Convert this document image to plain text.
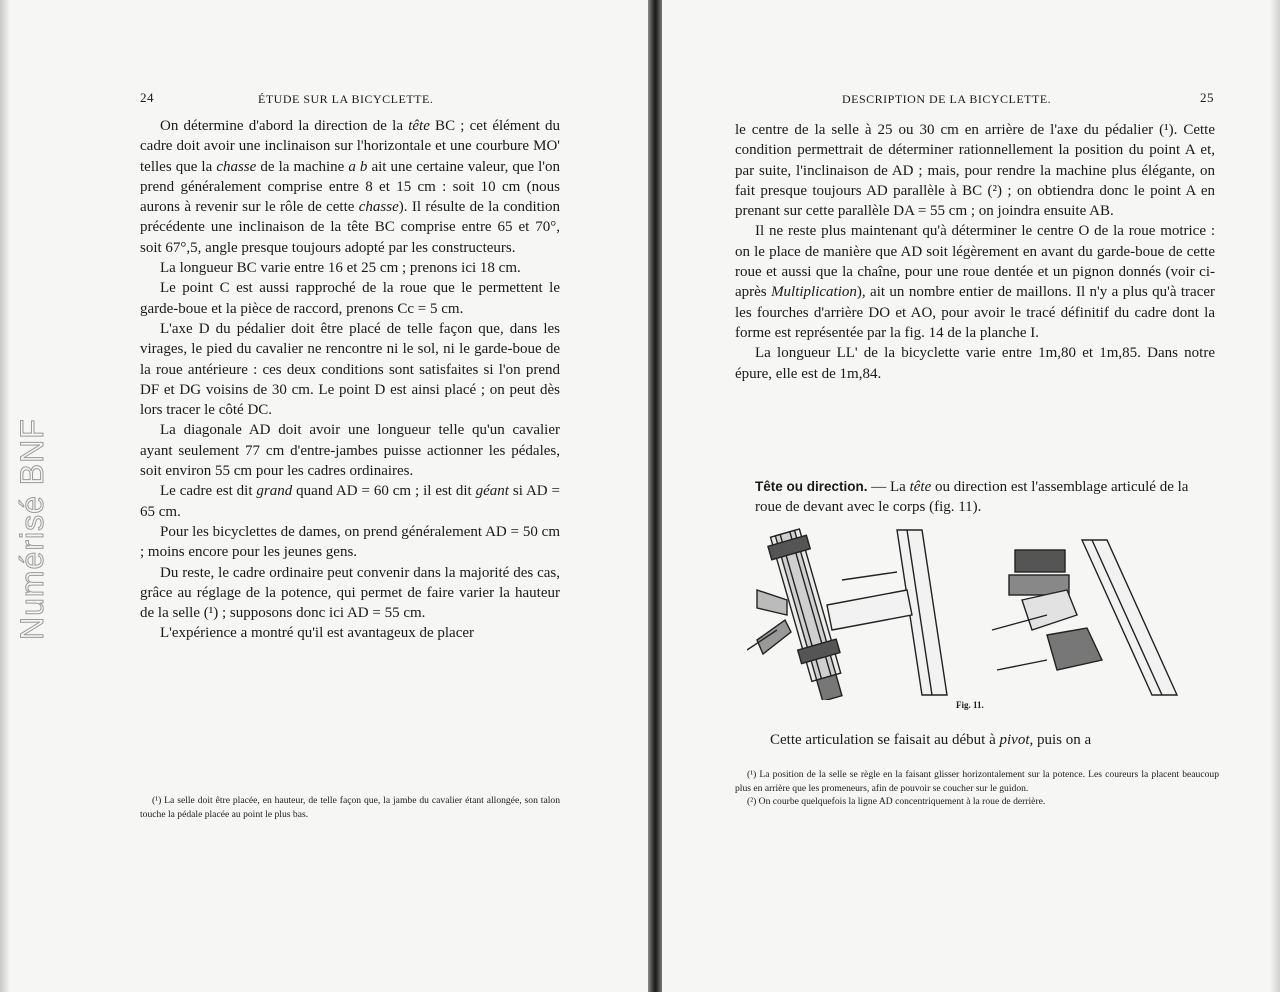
Numérisé BNF
24	ÉTUDE SUR LA BICYCLETTE.

On détermine d'abord la direction de la tête BC ; cet élément du cadre doit avoir une inclinaison sur l'horizontale et une courbure MO' telles que la chasse de la machine a b ait une certaine valeur, que l'on prend généralement comprise entre 8 et 15 cm : soit 10 cm (nous aurons à revenir sur le rôle de cette chasse). Il résulte de la condition précédente une inclinaison de la tête BC comprise entre 65 et 70°, soit 67°,5, angle presque toujours adopté par les constructeurs.

La longueur BC varie entre 16 et 25 cm ; prenons ici 18 cm.

Le point C est aussi rapproché de la roue que le permettent le garde-boue et la pièce de raccord, prenons Cc = 5 cm.

L'axe D du pédalier doit être placé de telle façon que, dans les virages, le pied du cavalier ne rencontre ni le sol, ni le garde-boue de la roue antérieure : ces deux conditions sont satisfaites si l'on prend DF et DG voisins de 30 cm. Le point D est ainsi placé ; on peut dès lors tracer le côté DC.

La diagonale AD doit avoir une longueur telle qu'un cavalier ayant seulement 77 cm d'entre-jambes puisse actionner les pédales, soit environ 55 cm pour les cadres ordinaires.

Le cadre est dit grand quand AD = 60 cm ; il est dit géant si AD = 65 cm.

Pour les bicyclettes de dames, on prend généralement AD = 50 cm ; moins encore pour les jeunes gens.

Du reste, le cadre ordinaire peut convenir dans la majorité des cas, grâce au réglage de la potence, qui permet de faire varier la hauteur de la selle (¹) ; supposons donc ici AD = 55 cm.

L'expérience a montré qu'il est avantageux de placer

(¹) La selle doit être placée, en hauteur, de telle façon que, la jambe du cavalier étant allongée, son talon touche la pédale placée au point le plus bas.

DESCRIPTION DE LA BICYCLETTE.	25

le centre de la selle à 25 ou 30 cm en arrière de l'axe du pédalier (¹). Cette condition permettrait de déterminer rationnellement la position du point A et, par suite, l'inclinaison de AD ; mais, pour rendre la machine plus élégante, on fait presque toujours AD parallèle à BC (²) ; on obtiendra donc le point A en prenant sur cette parallèle DA = 55 cm ; on joindra ensuite AB.

Il ne reste plus maintenant qu'à déterminer le centre O de la roue motrice : on le place de manière que AD soit légèrement en avant du garde-boue de cette roue et aussi que la chaîne, pour une roue dentée et un pignon donnés (voir ci-après Multiplication), ait un nombre entier de maillons. Il n'y a plus qu'à tracer les fourches d'arrière DO et AO, pour avoir le tracé définitif du cadre dont la forme est représentée par la fig. 14 de la planche I.

La longueur LL' de la bicyclette varie entre 1m,80 et 1m,85. Dans notre épure, elle est de 1m,84.

Tête ou direction. — La tête ou direction est l'assemblage articulé de la roue de devant avec le corps (fig. 11).
Fig. 11.
Cette articulation se faisait au début à pivot, puis on a

(¹) La position de la selle se règle en la faisant glisser horizontalement sur la potence. Les coureurs la placent beaucoup plus en arrière que les promeneurs, afin de pouvoir se coucher sur le guidon.

(²) On courbe quelquefois la ligne AD concentriquement à la roue de derrière.
